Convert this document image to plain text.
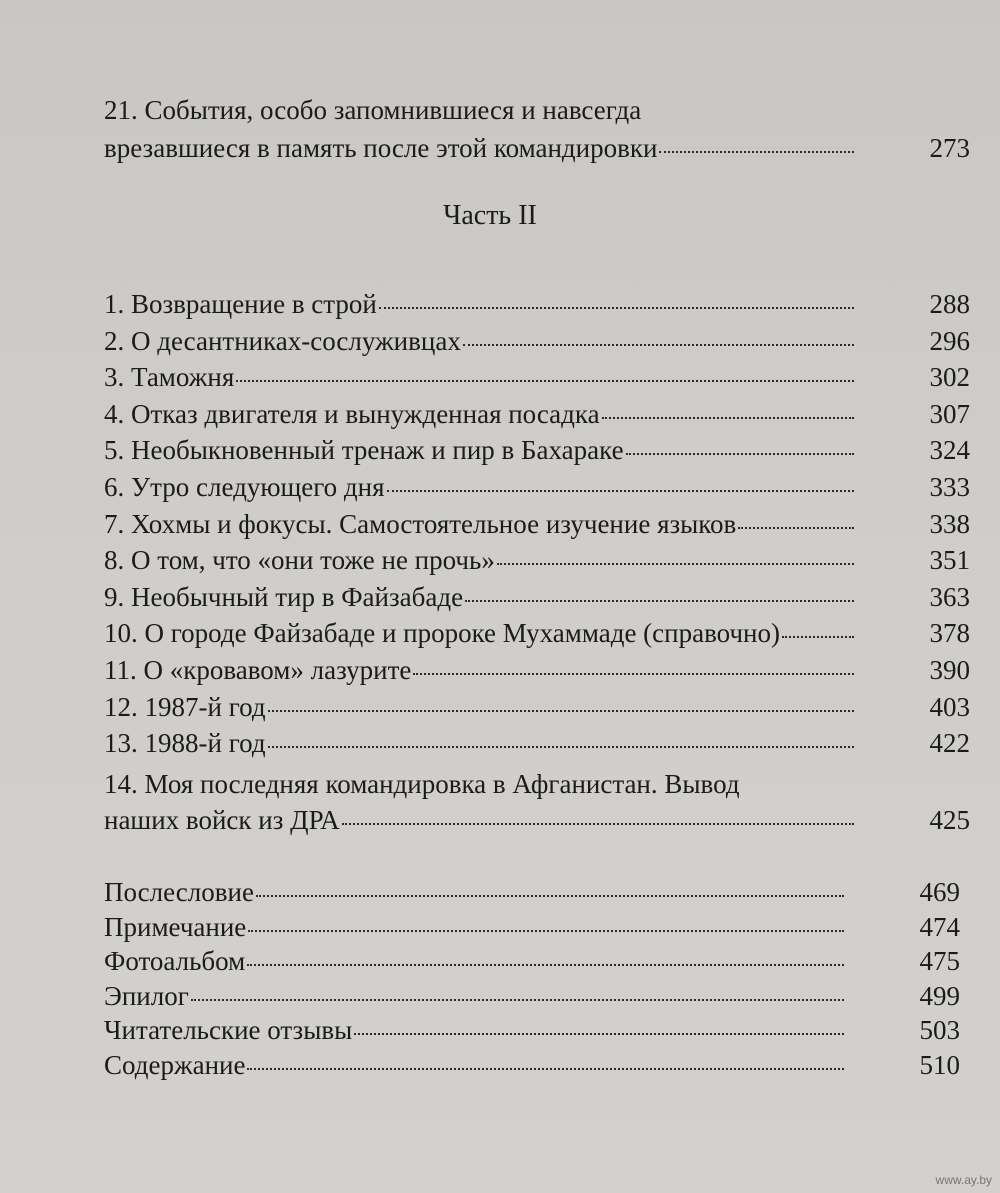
21. События, особо запомнившиеся и навсегда
врезавшиеся в память после этой командировки	273
Часть II
1. Возвращение в строй	288
2. О десантниках-сослуживцах	296
3. Таможня	302
4. Отказ двигателя и вынужденная посадка	307
5. Необыкновенный тренаж и пир в Бахараке	324
6. Утро следующего дня	333
7. Хохмы и фокусы. Самостоятельное изучение языков	338
8. О том, что «они тоже не прочь»	351
9. Необычный тир в Файзабаде	363
10. О городе Файзабаде и пророке Мухаммаде (справочно)	378
11. О «кровавом» лазурите	390
12. 1987-й год	403
13. 1988-й год	422
14. Моя последняя командировка в Афганистан. Вывод
наших войск из ДРА	425
Послесловие	469
Примечание	474
Фотоальбом	475
Эпилог	499
Читательские отзывы	503
Содержание	510
www.ay.by
